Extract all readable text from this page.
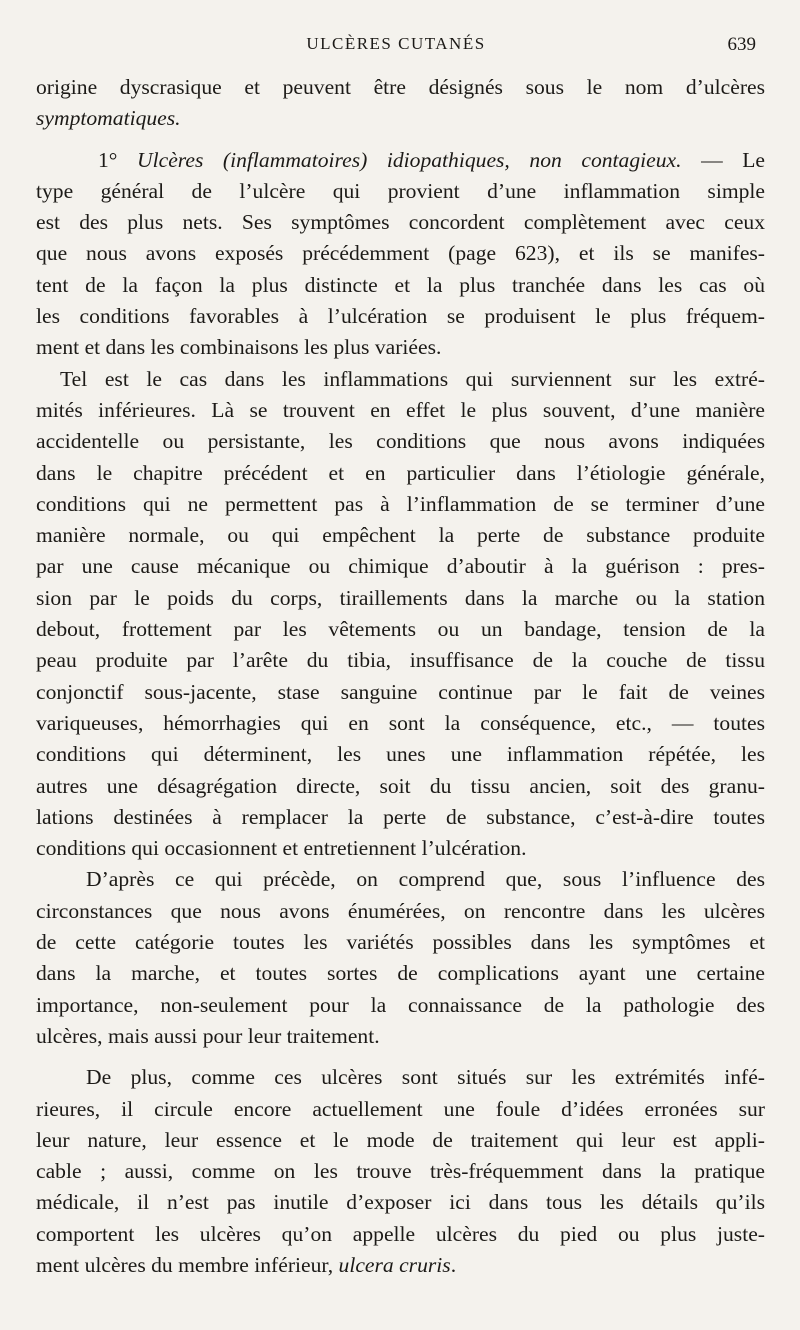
ULCÈRES CUTANÉS	639

origine dyscrasique et peuvent être désignés sous le nom d’ulcères
symptomatiques.

1° Ulcères (inflammatoires) idiopathiques, non contagieux. — Le
type général de l’ulcère qui provient d’une inflammation simple
est des plus nets. Ses symptômes concordent complètement avec ceux
que nous avons exposés précédemment (page 623), et ils se manifes-
tent de la façon la plus distincte et la plus tranchée dans les cas où
les conditions favorables à l’ulcération se produisent le plus fréquem-
ment et dans les combinaisons les plus variées.

Tel est le cas dans les inflammations qui surviennent sur les extré-
mités inférieures. Là se trouvent en effet le plus souvent, d’une manière
accidentelle ou persistante, les conditions que nous avons indiquées
dans le chapitre précédent et en particulier dans l’étiologie générale,
conditions qui ne permettent pas à l’inflammation de se terminer d’une
manière normale, ou qui empêchent la perte de substance produite
par une cause mécanique ou chimique d’aboutir à la guérison : pres-
sion par le poids du corps, tiraillements dans la marche ou la station
debout, frottement par les vêtements ou un bandage, tension de la
peau produite par l’arête du tibia, insuffisance de la couche de tissu
conjonctif sous-jacente, stase sanguine continue par le fait de veines
variqueuses, hémorrhagies qui en sont la conséquence, etc., — toutes
conditions qui déterminent, les unes une inflammation répétée, les
autres une désagrégation directe, soit du tissu ancien, soit des granu-
lations destinées à remplacer la perte de substance, c’est-à-dire toutes
conditions qui occasionnent et entretiennent l’ulcération.

D’après ce qui précède, on comprend que, sous l’influence des
circonstances que nous avons énumérées, on rencontre dans les ulcères
de cette catégorie toutes les variétés possibles dans les symptômes et
dans la marche, et toutes sortes de complications ayant une certaine
importance, non-seulement pour la connaissance de la pathologie des
ulcères, mais aussi pour leur traitement.

De plus, comme ces ulcères sont situés sur les extrémités infé-
rieures, il circule encore actuellement une foule d’idées erronées sur
leur nature, leur essence et le mode de traitement qui leur est appli-
cable ; aussi, comme on les trouve très-fréquemment dans la pratique
médicale, il n’est pas inutile d’exposer ici dans tous les détails qu’ils
comportent les ulcères qu’on appelle ulcères du pied ou plus juste-
ment ulcères du membre inférieur, ulcera cruris.
